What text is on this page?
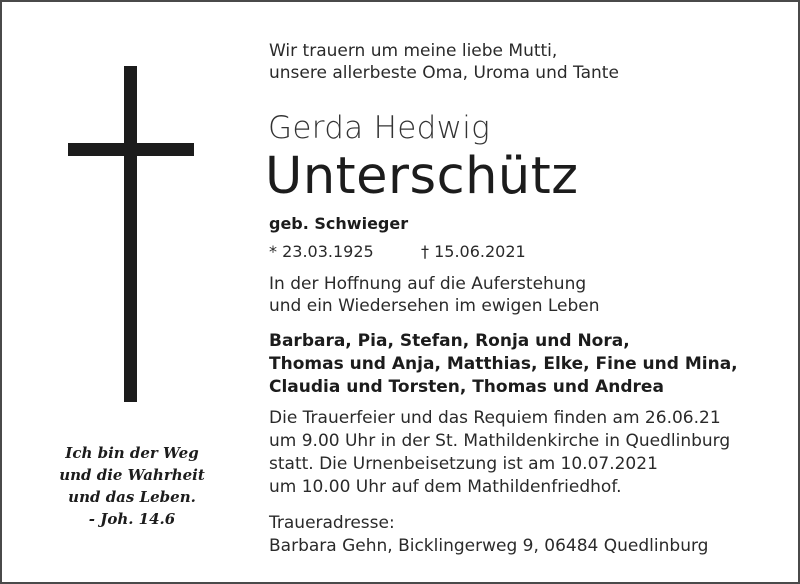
Ich bin der Weg
und die Wahrheit
und das Leben.
- Joh. 14.6
Wir trauern um meine liebe Mutti,
unsere allerbeste Oma, Uroma und Tante
Gerda Hedwig
Unterschütz
geb. Schwieger
* 23.03.1925	† 15.06.2021
In der Hoffnung auf die Auferstehung
und ein Wiedersehen im ewigen Leben
Barbara, Pia, Stefan, Ronja und Nora,
Thomas und Anja, Matthias, Elke, Fine und Mina,
Claudia und Torsten, Thomas und Andrea
Die Trauerfeier und das Requiem finden am 26.06.21
um 9.00 Uhr in der St. Mathildenkirche in Quedlinburg
statt. Die Urnenbeisetzung ist am 10.07.2021
um 10.00 Uhr auf dem Mathildenfriedhof.
Traueradresse:
Barbara Gehn, Bicklingerweg 9, 06484 Quedlinburg
